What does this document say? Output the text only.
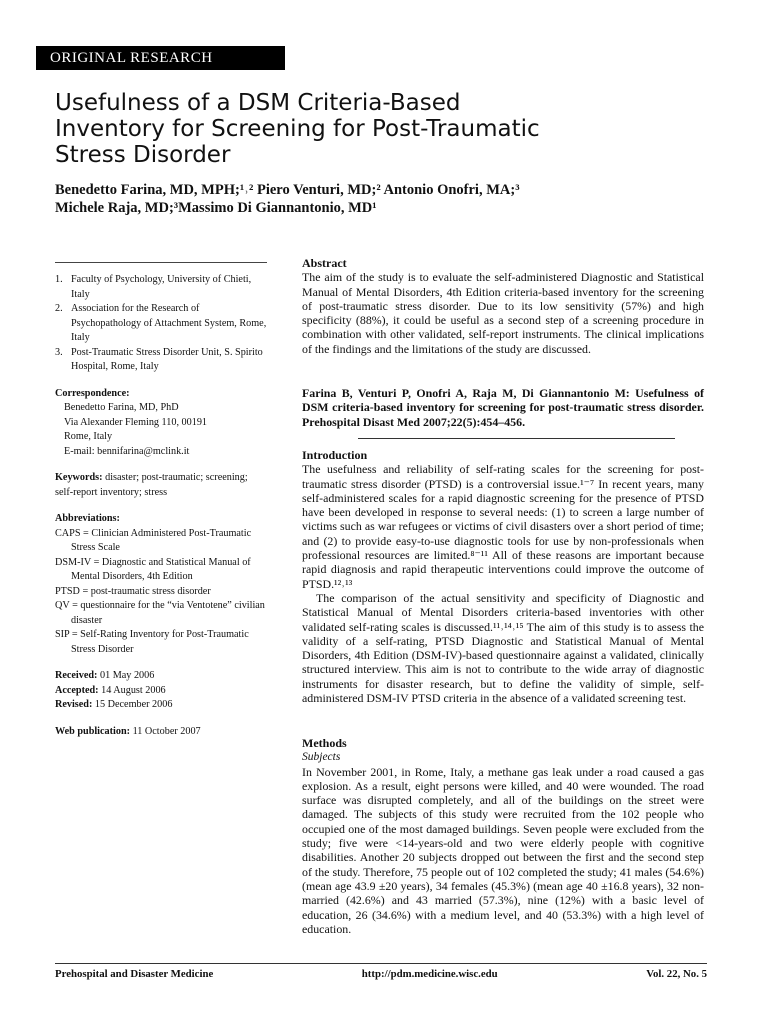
ORIGINAL RESEARCH
Usefulness of a DSM Criteria-Based
Inventory for Screening for Post-Traumatic
Stress Disorder
Benedetto Farina, MD, MPH;¹˒² Piero Venturi, MD;² Antonio Onofri, MA;³
Michele Raja, MD;³Massimo Di Giannantonio, MD¹
1. Faculty of Psychology, University of Chieti, Italy
2. Association for the Research of Psychopathology of Attachment System, Rome, Italy
3. Post-Traumatic Stress Disorder Unit, S. Spirito Hospital, Rome, Italy
Correspondence:
Benedetto Farina, MD, PhD
Via Alexander Fleming 110, 00191
Rome, Italy
E-mail: bennifarina@mclink.it
Keywords: disaster; post-traumatic; screening; self-report inventory; stress
Abbreviations:
CAPS = Clinician Administered Post-Traumatic Stress Scale
DSM-IV = Diagnostic and Statistical Manual of Mental Disorders, 4th Edition
PTSD = post-traumatic stress disorder
QV = questionnaire for the “via Ventotene” civilian disaster
SIP = Self-Rating Inventory for Post-Traumatic Stress Disorder
Received: 01 May 2006
Accepted: 14 August 2006
Revised: 15 December 2006
Web publication: 11 October 2007
Abstract

The aim of the study is to evaluate the self-administered Diagnostic and Statistical Manual of Mental Disorders, 4th Edition criteria-based inventory for the screening of post-traumatic stress disorder. Due to its low sensitivity (57%) and high specificity (88%), it could be useful as a second step of a screening procedure in combination with other validated, self-report instruments. The clinical implications of the findings and the limitations of the study are discussed.

Farina B, Venturi P, Onofri A, Raja M, Di Giannantonio M: Usefulness of DSM criteria-based inventory for screening for post-traumatic stress disorder. Prehospital Disast Med 2007;22(5):454–456.
Introduction

The usefulness and reliability of self-rating scales for the screening for post-traumatic stress disorder (PTSD) is a controversial issue.¹⁻⁷ In recent years, many self-administered scales for a rapid diagnostic screening for the presence of PTSD have been developed in response to several needs: (1) to screen a large number of victims such as war refugees or victims of civil disasters over a short period of time; and (2) to provide easy-to-use diagnostic tools for use by non-professionals when professional resources are limited.⁸⁻¹¹ All of these reasons are important because rapid diagnosis and rapid therapeutic interventions could improve the outcome of PTSD.¹²˒¹³

The comparison of the actual sensitivity and specificity of Diagnostic and Statistical Manual of Mental Disorders criteria-based inventories with other validated self-rating scales is discussed.¹¹˒¹⁴˒¹⁵ The aim of this study is to assess the validity of a self-rating, PTSD Diagnostic and Statistical Manual of Mental Disorders, 4th Edition (DSM-IV)-based questionnaire against a validated, clinically structured interview. This aim is not to contribute to the wide array of diagnostic instruments for disaster research, but to define the validity of simple, self-administered DSM-IV PTSD criteria in the absence of a validated screening test.

Methods
Subjects

In November 2001, in Rome, Italy, a methane gas leak under a road caused a gas explosion. As a result, eight persons were killed, and 40 were wounded. The road surface was disrupted completely, and all of the buildings on the street were damaged. The subjects of this study were recruited from the 102 people who occupied one of the most damaged buildings. Seven people were excluded from the study; five were <14-years-old and two were elderly people with cognitive disabilities. Another 20 subjects dropped out between the first and the second step of the study. Therefore, 75 people out of 102 completed the study; 41 males (54.6%) (mean age 43.9 ±20 years), 34 females (45.3%) (mean age 40 ±16.8 years), 32 non-married (42.6%) and 43 married (57.3%), nine (12%) with a basic level of education, 26 (34.6%) with a medium level, and 40 (53.3%) with a high level of education.

Prehospital and Disaster Medicine	http://pdm.medicine.wisc.edu	Vol. 22, No. 5
